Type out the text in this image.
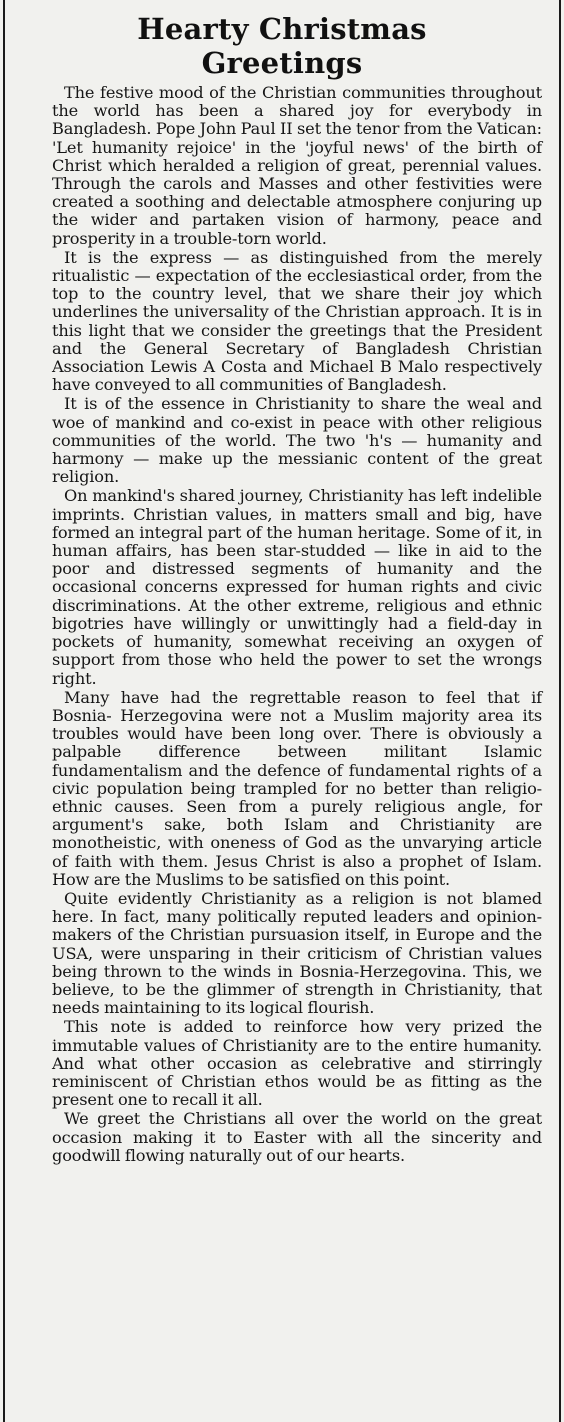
Hearty Christmas
Greetings

The festive mood of the Christian communities throughout the world has been a shared joy for everybody in Bangladesh. Pope John Paul II set the tenor from the Vatican: 'Let humanity rejoice' in the 'joyful news' of the birth of Christ which heralded a religion of great, perennial values. Through the carols and Masses and other festivities were created a soothing and delectable atmosphere conjuring up the wider and partaken vision of harmony, peace and prosperity in a trouble-torn world.

It is the express — as distinguished from the merely ritualistic — expectation of the ecclesiastical order, from the top to the country level, that we share their joy which underlines the universality of the Christian approach. It is in this light that we consider the greetings that the President and the General Secretary of Bangladesh Christian Association Lewis A Costa and Michael B Malo respectively have conveyed to all communities of Bangladesh.

It is of the essence in Christianity to share the weal and woe of mankind and co-exist in peace with other religious communities of the world. The two 'h's — humanity and harmony — make up the messianic content of the great religion.

On mankind's shared journey, Christianity has left indelible imprints. Christian values, in matters small and big, have formed an integral part of the human heritage. Some of it, in human affairs, has been star-studded — like in aid to the poor and distressed segments of humanity and the occasional concerns expressed for human rights and civic discriminations. At the other extreme, religious and ethnic bigotries have willingly or unwittingly had a field-day in pockets of humanity, somewhat receiving an oxygen of support from those who held the power to set the wrongs right.

Many have had the regrettable reason to feel that if Bosnia- Herzegovina were not a Muslim majority area its troubles would have been long over. There is obviously a palpable difference between militant Islamic fundamentalism and the defence of fundamental rights of a civic population being trampled for no better than religio-ethnic causes. Seen from a purely religious angle, for argument's sake, both Islam and Christianity are monotheistic, with oneness of God as the unvarying article of faith with them. Jesus Christ is also a prophet of Islam. How are the Muslims to be satisfied on this point.

Quite evidently Christianity as a religion is not blamed here. In fact, many politically reputed leaders and opinion-makers of the Christian pursuasion itself, in Europe and the USA, were unsparing in their criticism of Christian values being thrown to the winds in Bosnia-Herzegovina. This, we believe, to be the glimmer of strength in Christianity, that needs maintaining to its logical flourish.

This note is added to reinforce how very prized the immutable values of Christianity are to the entire humanity. And what other occasion as celebrative and stirringly reminiscent of Christian ethos would be as fitting as the present one to recall it all.

We greet the Christians all over the world on the great occasion making it to Easter with all the sincerity and goodwill flowing naturally out of our hearts.
